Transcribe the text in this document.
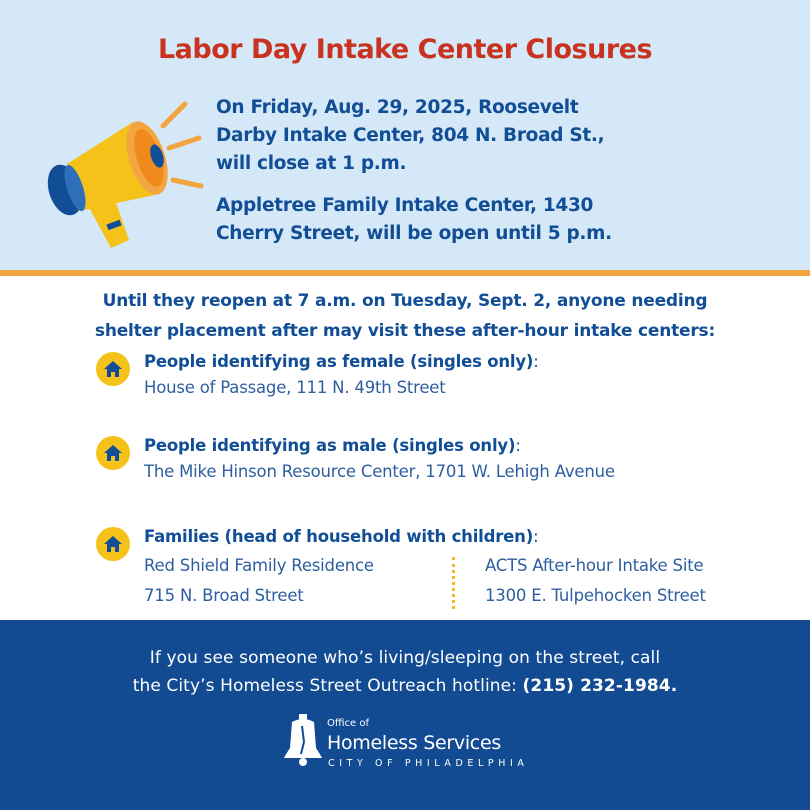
Labor Day Intake Center Closures
On Friday, Aug. 29, 2025, Roosevelt
Darby Intake Center, 804 N. Broad St.,
will close at 1 p.m.
Appletree Family Intake Center, 1430
Cherry Street, will be open until 5 p.m.
Until they reopen at 7 a.m. on Tuesday, Sept. 2, anyone needing
shelter placement after may visit these after-hour intake centers:
People identifying as female (singles only):
House of Passage, 111 N. 49th Street
People identifying as male (singles only):
The Mike Hinson Resource Center, 1701 W. Lehigh Avenue
Families (head of household with children):
Red Shield Family Residence
715 N. Broad Street
ACTS After-hour Intake Site
1300 E. Tulpehocken Street
If you see someone who’s living/sleeping on the street, call
the City’s Homeless Street Outreach hotline: (215) 232-1984.
Office of
Homeless Services
CITY OF PHILADELPHIA
